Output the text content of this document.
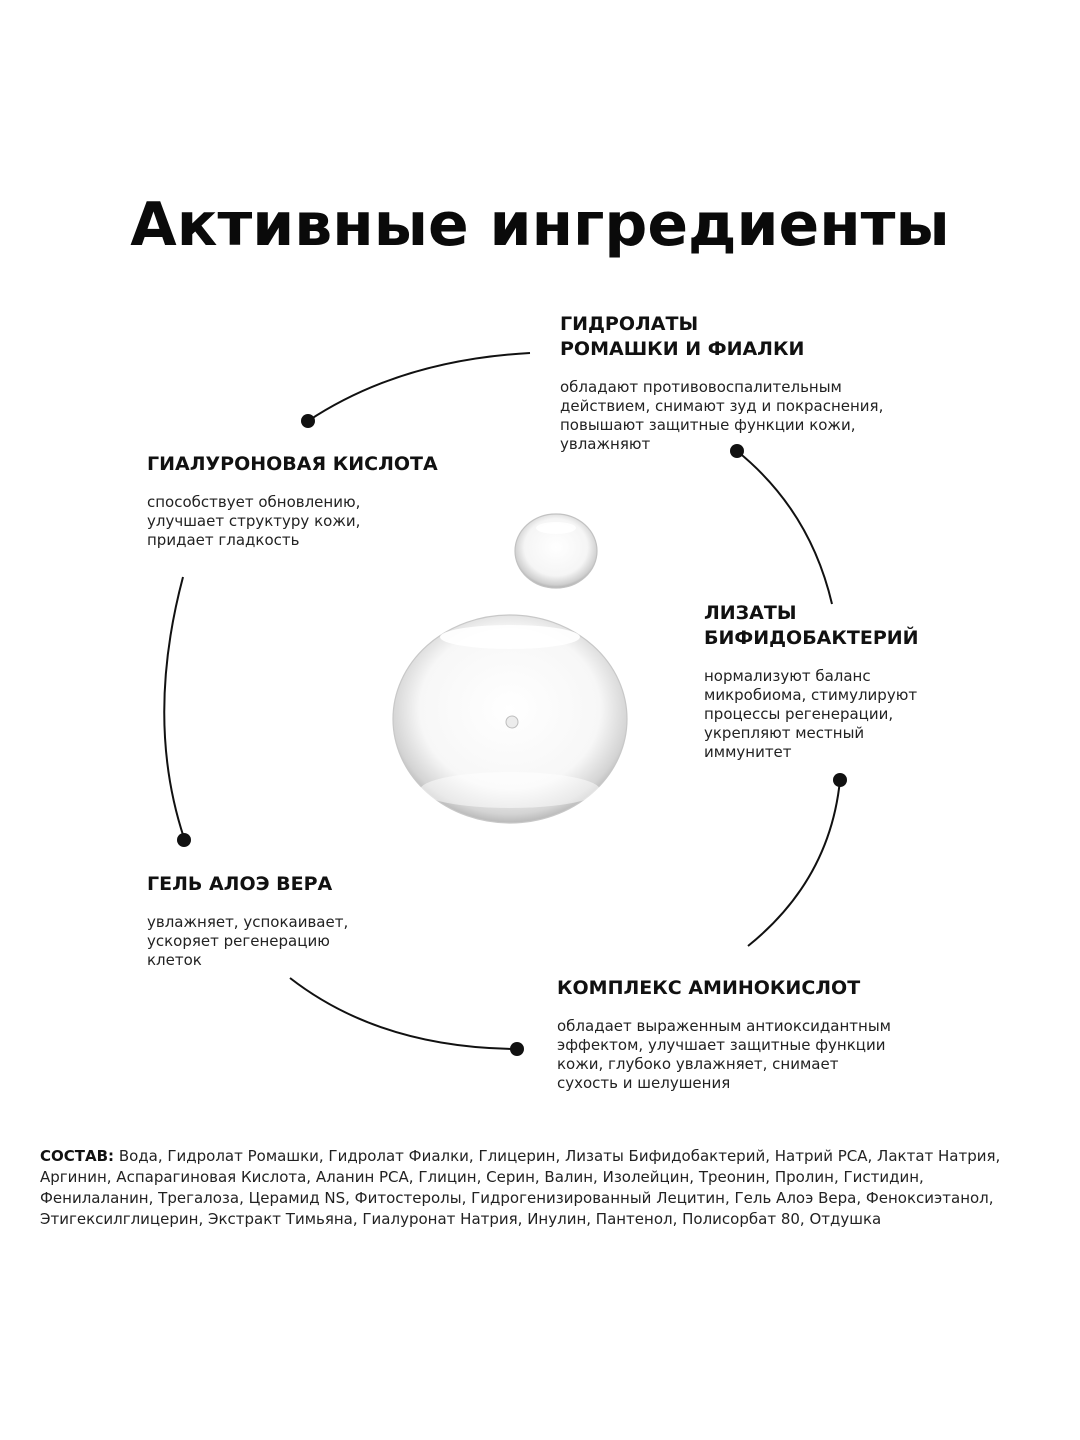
Активные ингредиенты
ГИДРОЛАТЫ
РОМАШКИ И ФИАЛКИ

обладают противовоспалительным
действием, снимают зуд и покраснения,
повышают защитные функции кожи,
увлажняют

ГИАЛУРОНОВАЯ КИСЛОТА

способствует обновлению,
улучшает структуру кожи,
придает гладкость

ЛИЗАТЫ
БИФИДОБАКТЕРИЙ

нормализуют баланс
микробиома, стимулируют
процессы регенерации,
укрепляют местный
иммунитет

ГЕЛЬ АЛОЭ ВЕРА

увлажняет, успокаивает,
ускоряет регенерацию
клеток

КОМПЛЕКС АМИНОКИСЛОТ

обладает выраженным антиоксидантным
эффектом, улучшает защитные функции
кожи, глубоко увлажняет, снимает
сухость и шелушения

СОСТАВ: Вода, Гидролат Ромашки, Гидролат Фиалки, Глицерин, Лизаты Бифидобактерий, Натрий PCA, Лактат Натрия, Аргинин, Аспарагиновая Кислота, Аланин PCA, Глицин, Серин, Валин, Изолейцин, Треонин, Пролин, Гистидин, Фенилаланин, Трегалоза, Церамид NS, Фитостеролы, Гидрогенизированный Лецитин, Гель Алоэ Вера, Феноксиэтанол, Этигексилглицерин, Экстракт Тимьяна, Гиалуронат Натрия, Инулин, Пантенол, Полисорбат 80, Отдушка
